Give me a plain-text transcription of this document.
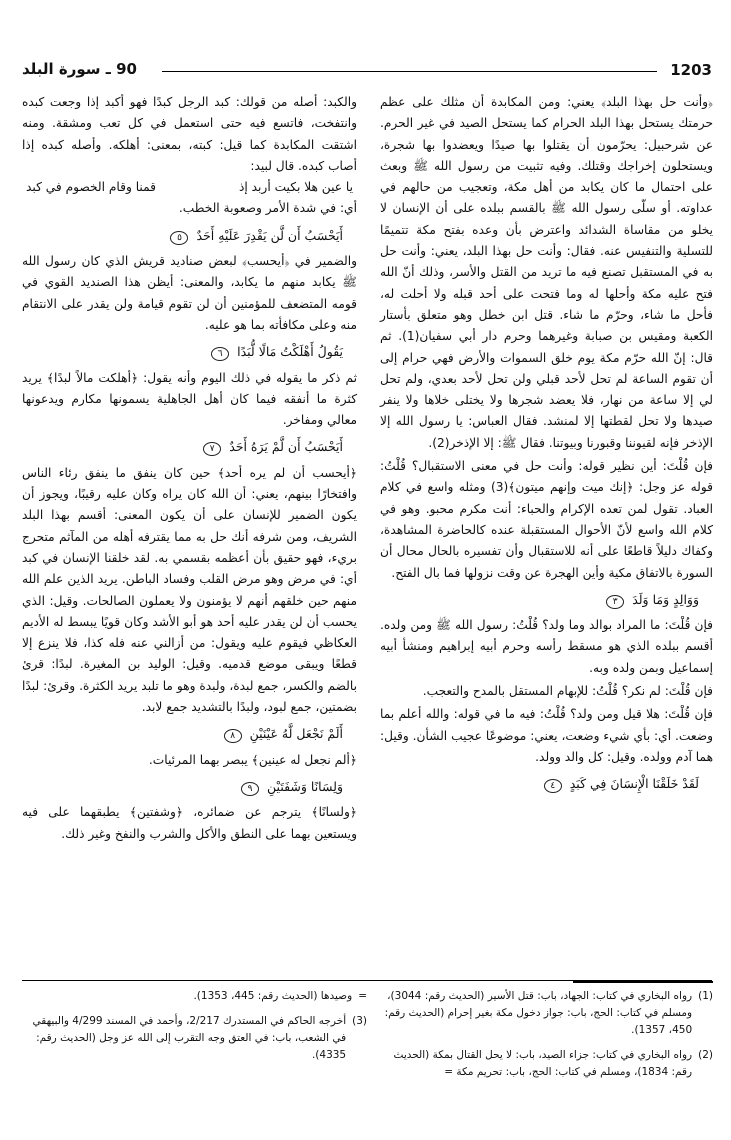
1203
90 ـ سورة البلد

﴿وأنت حل بهذا البلد﴾ يعني: ومن المكابدة أن مثلك على عظم حرمتك يستحل بهذا البلد الحرام كما يستحل الصيد في غير الحرم. عن شرحبيل: يحرّمون أن يقتلوا بها صيدًا ويعضدوا بها شجرة، ويستحلون إخراجك وقتلك. وفيه تثبيت من رسول الله ﷺ وبعث على احتمال ما كان يكابد من أهل مكة، وتعجيب من حالهم في عداوته. أو سلّى رسول الله ﷺ بالقسم ببلده على أن الإنسان لا يخلو من مقاساة الشدائد واعترض بأن وعده بفتح مكة تتميمًا للتسلية والتنفيس عنه. فقال: وأنت حل بهذا البلد، يعني: وأنت حل به في المستقبل تصنع فيه ما تريد من القتل والأسر، وذلك أنّ الله فتح عليه مكة وأحلها له وما فتحت على أحد قبله ولا أحلت له، فأحل ما شاء، وحرّم ما شاء. قتل ابن خطل وهو متعلق بأستار الكعبة ومقيس بن صبابة وغيرهما وحرم دار أبي سفيان(1). ثم قال: إنّ الله حرّم مكة يوم خلق السموات والأرض فهي حرام إلى أن تقوم الساعة لم تحل لأحد قبلي ولن تحل لأحد بعدي، ولم تحل لي إلا ساعة من نهار، فلا يعضد شجرها ولا يختلى خلاها ولا ينفر صيدها ولا تحل لقطتها إلا لمنشد. فقال العباس: يا رسول الله إلا الإذخر فإنه لقيوننا وقبورنا وبيوتنا. فقال ﷺ: إلا الإذخر(2).

فإن قُلْتَ: أين نظير قوله: وأنت حل في معنى الاستقبال؟ قُلْتُ: قوله عز وجل: ﴿إنك ميت وإنهم ميتون﴾(3) ومثله واسع في كلام العباد. تقول لمن تعده الإكرام والحباء: أنت مكرم محبو. وهو في كلام الله واسع لأنّ الأحوال المستقبلة عنده كالحاضرة المشاهدة، وكفاك دليلاً قاطعًا على أنه للاستقبال وأن تفسيره بالحال محال أن السورة بالاتفاق مكية وأين الهجرة عن وقت نزولها فما بال الفتح.

وَوَالِدٍ وَمَا وَلَدَ ٣

فإن قُلْتَ: ما المراد بوالد وما ولد؟ قُلْتُ: رسول الله ﷺ ومن ولده. أقسم ببلده الذي هو مسقط رأسه وحرم أبيه إبراهيم ومنشأ أبيه إسماعيل وبمن ولده وبه.

فإن قُلْتَ: لم نكر؟ قُلْتُ: للإبهام المستقل بالمدح والتعجب.

فإن قُلْتَ: هلا قيل ومن ولد؟ قُلْتُ: فيه ما في قوله: والله أعلم بما وضعت. أي: بأي شيء وضعت، يعني: موضوعًا عجيب الشأن. وقيل: هما آدم وولده. وقيل: كل والد وولد.

لَقَدْ خَلَقْنَا الْإِنسَانَ فِي كَبَدٍ ٤

والكبد: أصله من قولك: كبد الرجل كبدًا فهو أكبد إذا وجعت كبده وانتفخت، فاتسع فيه حتى استعمل في كل تعب ومشقة. ومنه اشتقت المكابدة كما قيل: كبته، بمعنى: أهلكه. وأصله كبده إذا أصاب كبده. قال لبيد:

يا عين هلا بكيت أربد إذ
قمنا وقام الخصوم في كبد

أي: في شدة الأمر وصعوبة الخطب.

أَيَحْسَبُ أَن لَّن يَقْدِرَ عَلَيْهِ أَحَدٌ ٥

والضمير في ﴿أيحسب﴾ لبعض صناديد قريش الذي كان رسول الله ﷺ يكابد منهم ما يكابد، والمعنى: أيظن هذا الصنديد القوي في قومه المتضعف للمؤمنين أن لن تقوم قيامة ولن يقدر على الانتقام منه وعلى مكافأته بما هو عليه.

يَقُولُ أَهْلَكْتُ مَالًا لُّبَدًا ٦

ثم ذكر ما يقوله في ذلك اليوم وأنه يقول: ﴿أهلكت مالاً لبدًا﴾ يريد كثرة ما أنفقه فيما كان أهل الجاهلية يسمونها مكارم ويدعونها معالي ومفاخر.

أَيَحْسَبُ أَن لَّمْ يَرَهُ أَحَدٌ ٧

﴿أيحسب أن لم يره أحد﴾ حين كان ينفق ما ينفق رئاء الناس وافتخارًا بينهم، يعني: أن الله كان يراه وكان عليه رقيبًا، ويجوز أن يكون الضمير للإنسان على أن يكون المعنى: أقسم بهذا البلد الشريف، ومن شرفه أنك حل به مما يقترفه أهله من المآثم متحرج بريء، فهو حقيق بأن أعظمه بقسمي به. لقد خلقنا الإنسان في كبد أي: في مرض وهو مرض القلب وفساد الباطن. يريد الذين علم الله منهم حين خلقهم أنهم لا يؤمنون ولا يعملون الصالحات. وقيل: الذي يحسب أن لن يقدر عليه أحد هو أبو الأشد وكان قويًا يبسط له الأديم العكاظي فيقوم عليه ويقول: من أزالني عنه فله كذا، فلا ينزع إلا قطعًا ويبقى موضع قدميه. وقيل: الوليد بن المغيرة. لبدًا: قرئ بالضم والكسر، جمع لبدة، ولبدة وهو ما تلبد يريد الكثرة. وقرئ: لبدًا بضمتين، جمع لبود، ولبدًا بالتشديد جمع لابد.

أَلَمْ نَجْعَل لَّهُ عَيْنَيْنِ ٨

﴿ألم نجعل له عينين﴾ يبصر بهما المرئيات.

وَلِسَانًا وَشَفَتَيْنِ ٩

﴿ولسانًا﴾ يترجم عن ضمائره، ﴿وشفتين﴾ يطبقهما على فيه ويستعين بهما على النطق والأكل والشرب والنفخ وغير ذلك.

(1)
رواه البخاري في كتاب: الجهاد، باب: قتل الأسير (الحديث رقم: 3044)، ومسلم في كتاب: الحج، باب: جواز دخول مكة بغير إحرام (الحديث رقم: 450، 1357).
(2)
رواه البخاري في كتاب: جزاء الصيد، باب: لا يحل القتال بمكة (الحديث رقم: 1834)، ومسلم في كتاب: الحج، باب: تحريم مكة =
=
وصيدها (الحديث رقم: 445، 1353).
(3)
أخرجه الحاكم في المستدرك 2/217، وأحمد في المسند 4/299 والبيهقي في الشعب، باب: في العتق وجه التقرب إلى الله عز وجل (الحديث رقم: 4335).
